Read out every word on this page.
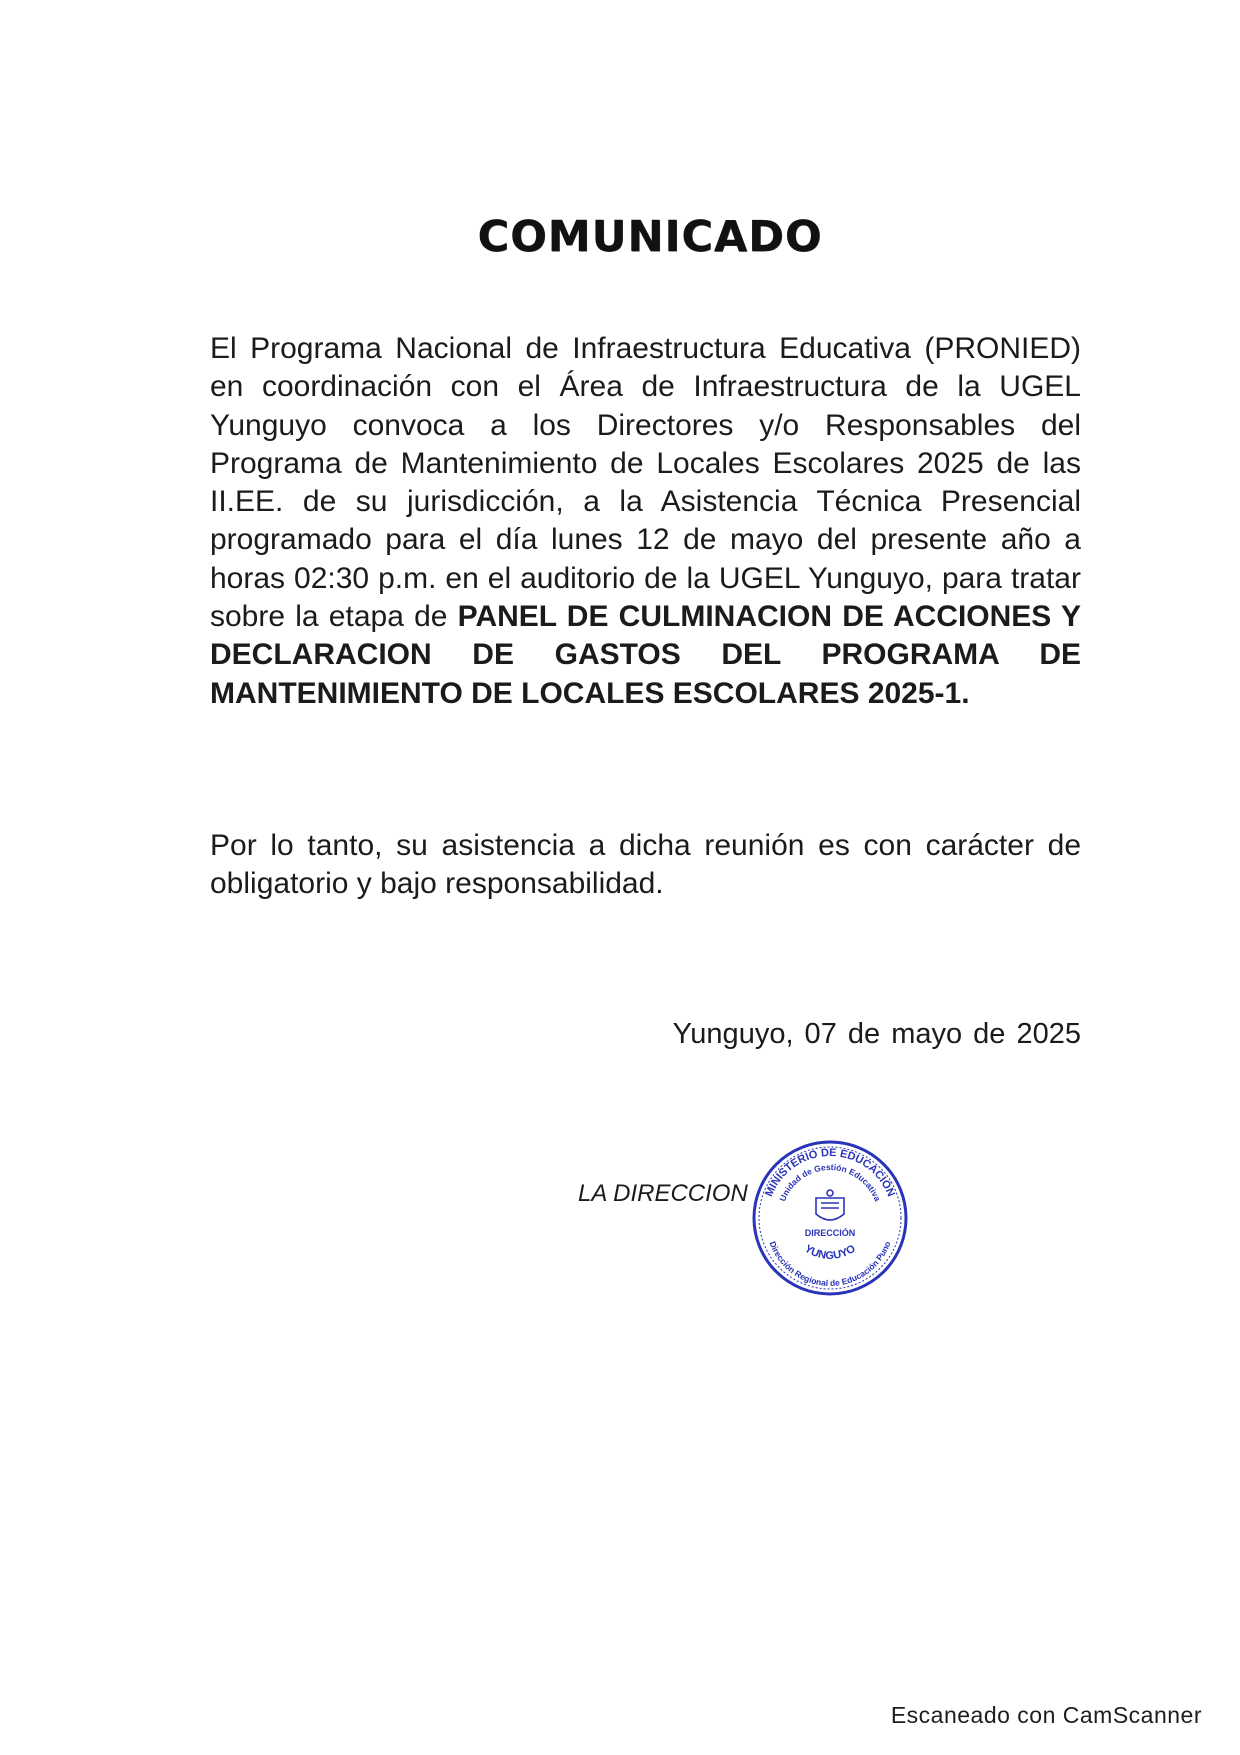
COMUNICADO
El Programa Nacional de Infraestructura Educativa (PRONIED) en coordinación con el Área de Infraestructura de la UGEL Yunguyo convoca a los Directores y/o Responsables del Programa de Mantenimiento de Locales Escolares 2025 de las II.EE. de su jurisdicción, a la Asistencia Técnica Presencial programado para el día lunes 12 de mayo del presente año a horas 02:30 p.m. en el auditorio de la UGEL Yunguyo, para tratar sobre la etapa de PANEL DE CULMINACION DE ACCIONES Y DECLARACION DE GASTOS DEL PROGRAMA DE MANTENIMIENTO DE LOCALES ESCOLARES 2025-1.
Por lo tanto, su asistencia a dicha reunión es con carácter de obligatorio y bajo responsabilidad.
Yunguyo, 07 de mayo de 2025
LA DIRECCION MINISTERIO DE EDUCACIÓN
Unidad de Gestión Educativa
Dirección Regional de Educación Puno
YUNGUYO
DIRECCIÓN
Escaneado con CamScanner
